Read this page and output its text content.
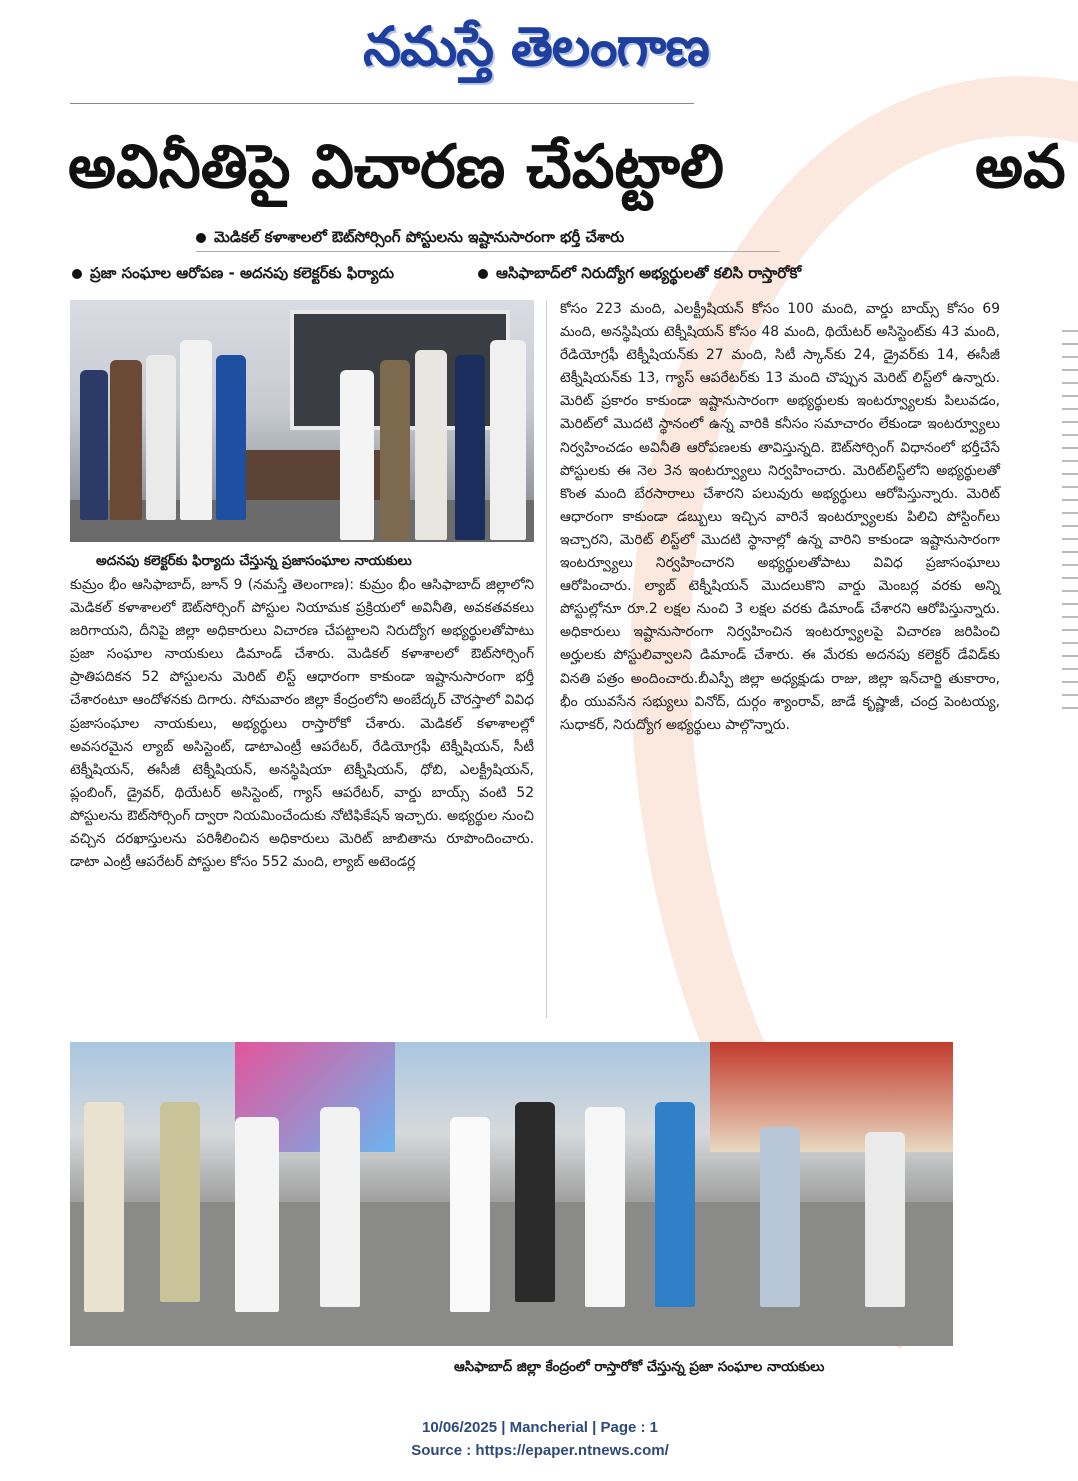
నమస్తే తెలంగాణ
అవినీతిపై విచారణ చేపట్టాలి	అవ
మెడికల్ కళాశాలలో ఔట్‌సోర్సింగ్ పోస్టులను ఇష్టానుసారంగా భర్తీ చేశారు
ప్రజా సంఘాల ఆరోపణ - అదనపు కలెక్టర్‌కు ఫిర్యాదు	ఆసిఫాబాద్‌లో నిరుద్యోగ అభ్యర్థులతో కలిసి రాస్తారోకో
అదనపు కలెక్టర్‌కు ఫిర్యాదు చేస్తున్న ప్రజాసంఘాల నాయకులు
కుమ్రం భీం ఆసిఫాబాద్, జూన్ 9 (నమస్తే తెలంగాణ): కుమ్రం భీం ఆసిఫాబాద్ జిల్లాలోని మెడికల్ కళాశాలలో ఔట్‌సోర్సింగ్ పోస్టుల నియామక ప్రక్రియలో అవినీతి, అవకతవకలు జరిగాయని, దీనిపై జిల్లా అధికారులు విచారణ చేపట్టాలని నిరుద్యోగ అభ్యర్థులతోపాటు ప్రజా సంఘాల నాయకులు డిమాండ్ చేశారు. మెడికల్ కళాశాలలో ఔట్‌సోర్సింగ్ ప్రాతిపదికన 52 పోస్టులను మెరిట్ లిస్ట్ ఆధారంగా కాకుండా ఇష్టానుసారంగా భర్తీ చేశారంటూ ఆందోళనకు దిగారు. సోమవారం జిల్లా కేంద్రంలోని అంబేద్కర్ చౌరస్తాలో వివిధ ప్రజాసంఘాల నాయకులు, అభ్యర్థులు రాస్తారోకో చేశారు. మెడికల్ కళాశాలల్లో అవసరమైన ల్యాబ్ అసిస్టెంట్, డాటాఎంట్రీ ఆపరేటర్, రేడియోగ్రఫీ టెక్నీషియన్, సీటీ టెక్నీషియన్, ఈసీజీ టెక్నీషియన్, అనస్థిషియా టెక్నీషియన్, ధోబి, ఎలక్ట్రీషియన్, ప్లంబింగ్, డ్రైవర్, థియేటర్ అసిస్టెంట్, గ్యాస్ ఆపరేటర్, వార్డు బాయ్స్ వంటి 52 పోస్టులను ఔట్‌సోర్సింగ్ ద్వారా నియమించేందుకు నోటిఫికేషన్ ఇచ్చారు. అభ్యర్థుల నుంచి వచ్చిన దరఖాస్తులను పరిశీలించిన అధికారులు మెరిట్ జాబితాను రూపొందించారు. డాటా ఎంట్రీ ఆపరేటర్ పోస్టుల కోసం 552 మంది, ల్యాబ్ అటెండర్ల
కోసం 223 మంది, ఎలక్ట్రీషియన్ కోసం 100 మంది, వార్డు బాయ్స్ కోసం 69 మంది, అనస్థిషియ టెక్నీషియన్ కోసం 48 మంది, థియేటర్ అసిస్టెంట్‌కు 43 మంది, రేడియోగ్రఫీ టెక్నీషియన్‌కు 27 మంది, సిటీ స్కాన్‌కు 24, డ్రైవర్‌కు 14, ఈసీజీ టెక్నీషియన్‌కు 13, గ్యాస్ ఆపరేటర్‌కు 13 మంది చొప్పున మెరిట్ లిస్ట్‌లో ఉన్నారు. మెరిట్ ప్రకారం కాకుండా ఇష్టానుసారంగా అభ్యర్థులకు ఇంటర్వ్యూలకు పిలువడం, మెరిట్‌లో మొదటి స్థానంలో ఉన్న వారికి కనీసం సమాచారం లేకుండా ఇంటర్వ్యూలు నిర్వహించడం అవినీతి ఆరోపణలకు తావిస్తున్నది. ఔట్‌సోర్సింగ్ విధానంలో భర్తీచేసే పోస్టులకు ఈ నెల 3న ఇంటర్వ్యూలు నిర్వహించారు. మెరిట్‌లిస్ట్‌లోని అభ్యర్థులతో కొంత మంది బేరసారాలు చేశారని పలువురు అభ్యర్థులు ఆరోపిస్తున్నారు. మెరిట్ ఆధారంగా కాకుండా డబ్బులు ఇచ్చిన వారినే ఇంటర్వ్యూలకు పిలిచి పోస్టింగ్‌లు ఇచ్చారని, మెరిట్ లిస్ట్‌లో మొదటి స్థానాల్లో ఉన్న వారిని కాకుండా ఇష్టానుసారంగా ఇంటర్వ్యూలు నిర్వహించారని అభ్యర్థులతోపాటు వివిధ ప్రజాసంఘాలు ఆరోపించారు. ల్యాబ్ టెక్నీషియన్ మొదలుకొని వార్డు మెంబర్ల వరకు అన్ని పోస్టుల్లోనూ రూ.2 లక్షల నుంచి 3 లక్షల వరకు డిమాండ్ చేశారని ఆరోపిస్తున్నారు. అధికారులు ఇష్టానుసారంగా నిర్వహించిన ఇంటర్వ్యూలపై విచారణ జరిపించి అర్హులకు పోస్టులివ్వాలని డిమాండ్ చేశారు. ఈ మేరకు అదనపు కలెక్టర్ డేవిడ్‌కు వినతి పత్రం అందించారు.బీఎస్పీ జిల్లా అధ్యక్షుడు రాజు, జిల్లా ఇన్‌చార్జి తుకారాం, భీం యువసేన సభ్యులు వినోద్, దుర్గం శ్యాంరావ్, జాడే కృష్ణాజీ, చంద్ర పెంటయ్య, సుధాకర్, నిరుద్యోగ అభ్యర్థులు పాల్గొన్నారు.
ఆసిఫాబాద్ జిల్లా కేంద్రంలో రాస్తారోకో చేస్తున్న ప్రజా సంఘాల నాయకులు
10/06/2025 | Mancherial | Page : 1
Source : https://epaper.ntnews.com/
